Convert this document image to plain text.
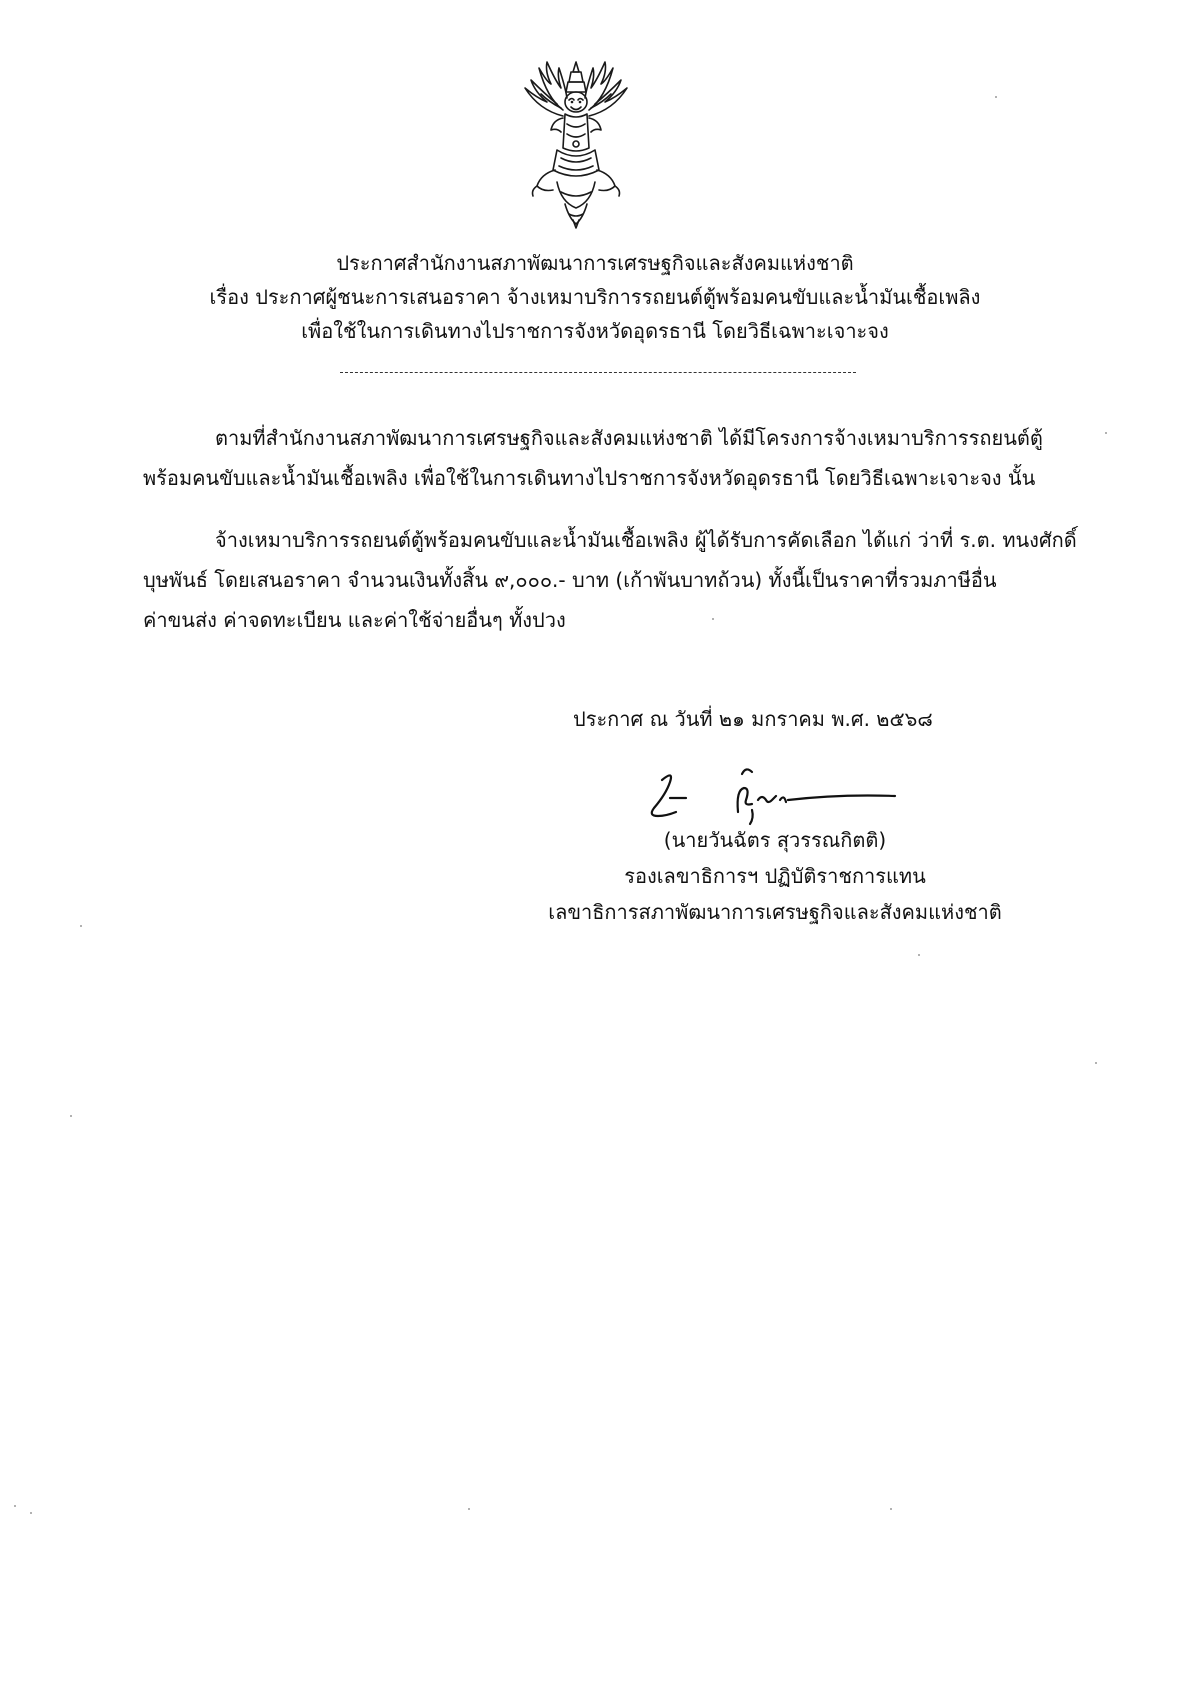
ประกาศสำนักงานสภาพัฒนาการเศรษฐกิจและสังคมแห่งชาติ
เรื่อง ประกาศผู้ชนะการเสนอราคา จ้างเหมาบริการรถยนต์ตู้พร้อมคนขับและน้ำมันเชื้อเพลิง
เพื่อใช้ในการเดินทางไปราชการจังหวัดอุดรธานี โดยวิธีเฉพาะเจาะจง
ตามที่สำนักงานสภาพัฒนาการเศรษฐกิจและสังคมแห่งชาติ ได้มีโครงการจ้างเหมาบริการรถยนต์ตู้
พร้อมคนขับและน้ำมันเชื้อเพลิง เพื่อใช้ในการเดินทางไปราชการจังหวัดอุดรธานี โดยวิธีเฉพาะเจาะจง นั้น
จ้างเหมาบริการรถยนต์ตู้พร้อมคนขับและน้ำมันเชื้อเพลิง ผู้ได้รับการคัดเลือก ได้แก่ ว่าที่ ร.ต. ทนงศักดิ์
บุษพันธ์ โดยเสนอราคา จำนวนเงินทั้งสิ้น ๙,๐๐๐.- บาท (เก้าพันบาทถ้วน) ทั้งนี้เป็นราคาที่รวมภาษีอื่น
ค่าขนส่ง ค่าจดทะเบียน และค่าใช้จ่ายอื่นๆ ทั้งปวง
ประกาศ ณ วันที่ ๒๑ มกราคม พ.ศ. ๒๕๖๘
(นายวันฉัตร สุวรรณกิตติ)
รองเลขาธิการฯ ปฏิบัติราชการแทน
เลขาธิการสภาพัฒนาการเศรษฐกิจและสังคมแห่งชาติ
